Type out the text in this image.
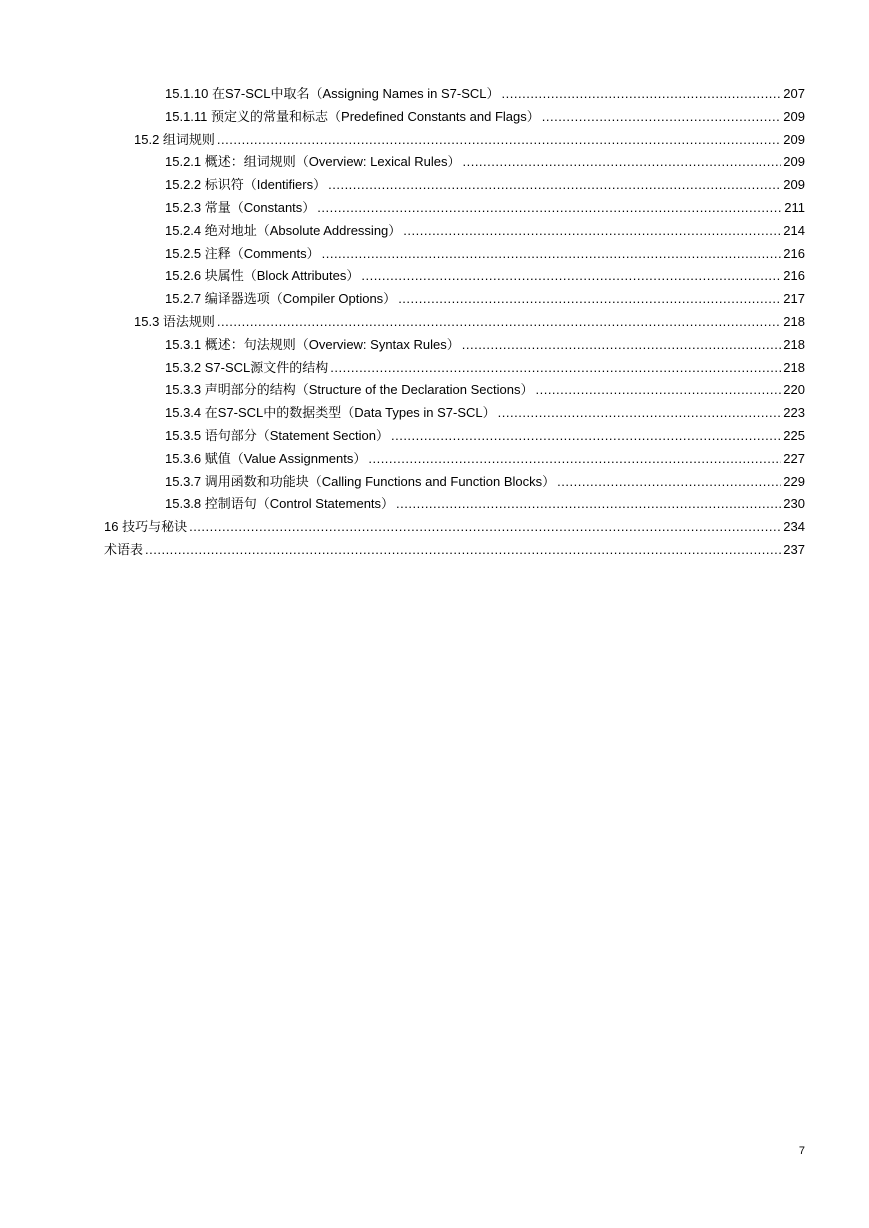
15.1.10 在S7-SCL中取名（Assigning Names in S7-SCL） .....	207
15.1.11 预定义的常量和标志（Predefined Constants and Flags） .....	209
15.2 组词规则 .....	209
15.2.1 概述：组词规则（Overview: Lexical Rules） .....	209
15.2.2 标识符（Identifiers） .....	209
15.2.3 常量（Constants） .....	211
15.2.4 绝对地址（Absolute Addressing） .....	214
15.2.5 注释（Comments） .....	216
15.2.6 块属性（Block Attributes） .....	216
15.2.7 编译器选项（Compiler Options） .....	217
15.3 语法规则 .....	218
15.3.1 概述：句法规则（Overview: Syntax Rules） .....	218
15.3.2 S7-SCL源文件的结构 .....	218
15.3.3 声明部分的结构（Structure of the Declaration Sections） .....	220
15.3.4 在S7-SCL中的数据类型（Data Types in S7-SCL） .....	223
15.3.5 语句部分（Statement Section） .....	225
15.3.6 赋值（Value Assignments） .....	227
15.3.7 调用函数和功能块（Calling Functions and Function Blocks） .....	229
15.3.8 控制语句（Control Statements） .....	230
16 技巧与秘诀 .....	234
术语表 .....	237
7
